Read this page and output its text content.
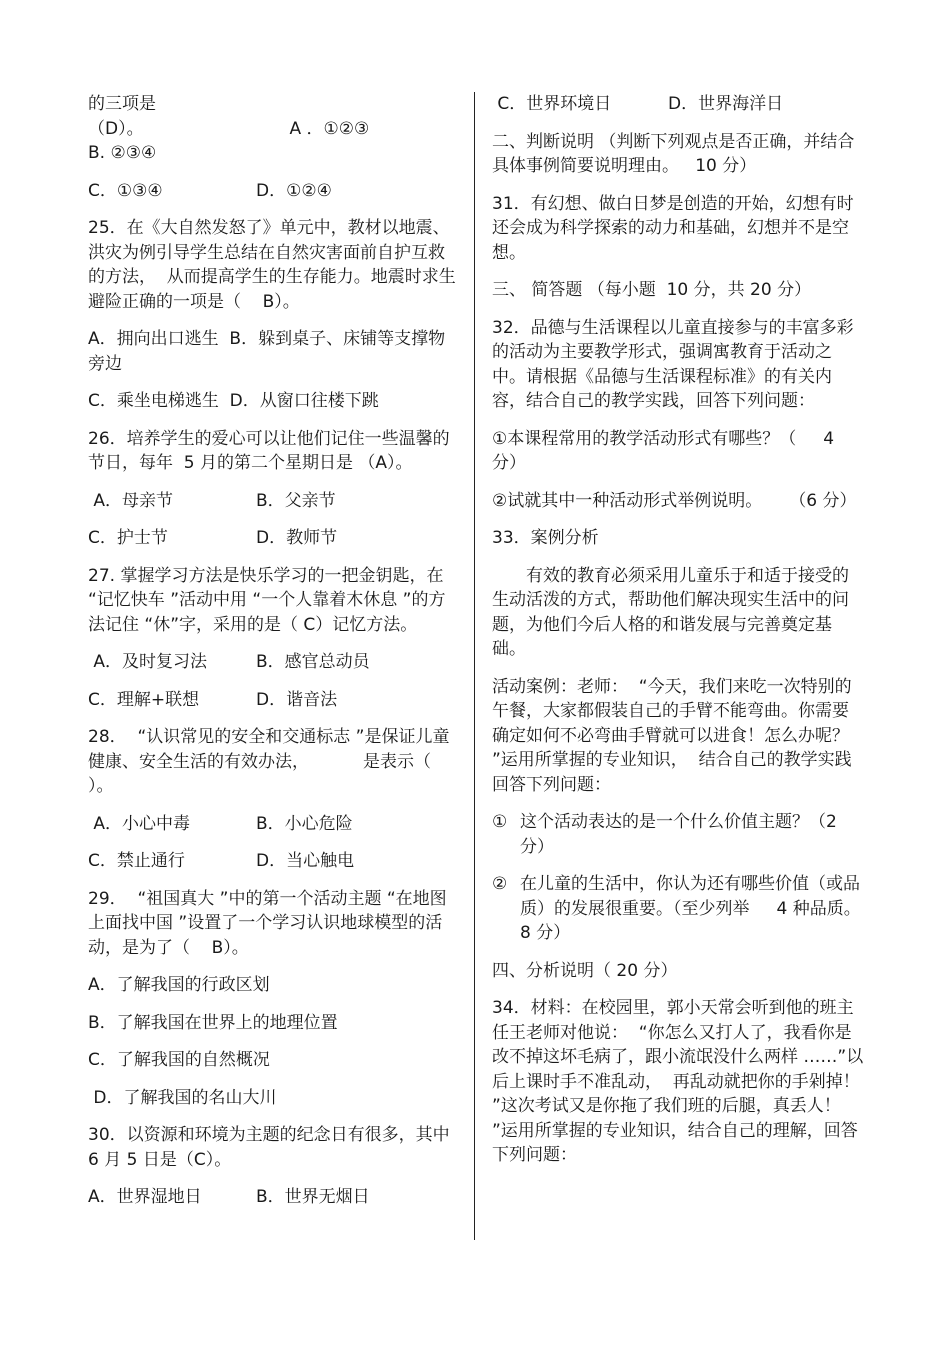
的三项是

（D）。                           A ．①②③              B. ②③④

C．①③④	D．①②④

25．在《大自然发怒了》单元中，教材以地震、洪灾为例引导学生总结在自然灾害面前自护互救的方法，  从而提高学生的生存能力。地震时求生避险正确的一项是（    B）。

A．拥向出口逃生  B．躲到桌子、床铺等支撑物旁边

C．乘坐电梯逃生  D．从窗口往楼下跳

26．培养学生的爱心可以让他们记住一些温馨的节日，每年  5 月的第二个星期日是 （A）。

A．母亲节	B．父亲节
C．护士节	D．教师节

27. 掌握学习方法是快乐学习的一把金钥匙，在 “记忆快车 ”活动中用 “一个人靠着木休息 ”的方法记住 “休”字，采用的是（ C）记忆方法。

A．及时复习法	B．感官总动员
C．理解+联想	D．谐音法

28．  “认识常见的安全和交通标志 ”是保证儿童健康、安全生活的有效办法，          是表示（    ）。

A．小心中毒	B．小心危险
C．禁止通行	D．当心触电

29．  “祖国真大 ”中的第一个活动主题 “在地图上面找中国 ”设置了一个学习认识地球模型的活动，是为了（    B）。

A．了解我国的行政区划

B．了解我国在世界上的地理位置

C．了解我国的自然概况

D．了解我国的名山大川

30．以资源和环境为主题的纪念日有很多，其中 6 月 5 日是（C）。

A．世界湿地日	B．世界无烟日
C．世界环境日	D．世界海洋日

二、判断说明 （判断下列观点是否正确，并结合具体事例简要说明理由。   10 分）

31．有幻想、做白日梦是创造的开始，幻想有时还会成为科学探索的动力和基础，幻想并不是空想。

三、 简答题 （每小题  10 分，共 20 分）

32．品德与生活课程以儿童直接参与的丰富多彩的活动为主要教学形式，强调寓教育于活动之中。请根据《品德与生活课程标准》的有关内容，结合自己的教学实践，回答下列问题：

①本课程常用的教学活动形式有哪些？（     4 分）

②试就其中一种活动形式举例说明。     （6 分）

33．案例分析

有效的教育必须采用儿童乐于和适于接受的生动活泼的方式，帮助他们解决现实生活中的问题，为他们今后人格的和谐发展与完善奠定基础。

活动案例：老师：  “今天，我们来吃一次特别的午餐，大家都假装自己的手臂不能弯曲。你需要确定如何不必弯曲手臂就可以进食！怎么办呢？ ”运用所掌握的专业知识，  结合自己的教学实践回答下列问题：

① 这个活动表达的是一个什么价值主题？（2 分）
② 在儿童的生活中，你认为还有哪些价值（或品质）的发展很重要。（至少列举     4 种品质。 8 分）

四、分析说明（ 20 分）

34．材料：在校园里，郭小天常会听到他的班主任王老师对他说：  “你怎么又打人了，我看你是改不掉这坏毛病了，跟小流氓没什么两样 ……”以后上课时手不准乱动，  再乱动就把你的手剁掉！ ”这次考试又是你拖了我们班的后腿，真丢人！ ”运用所掌握的专业知识，结合自己的理解，回答下列问题：
